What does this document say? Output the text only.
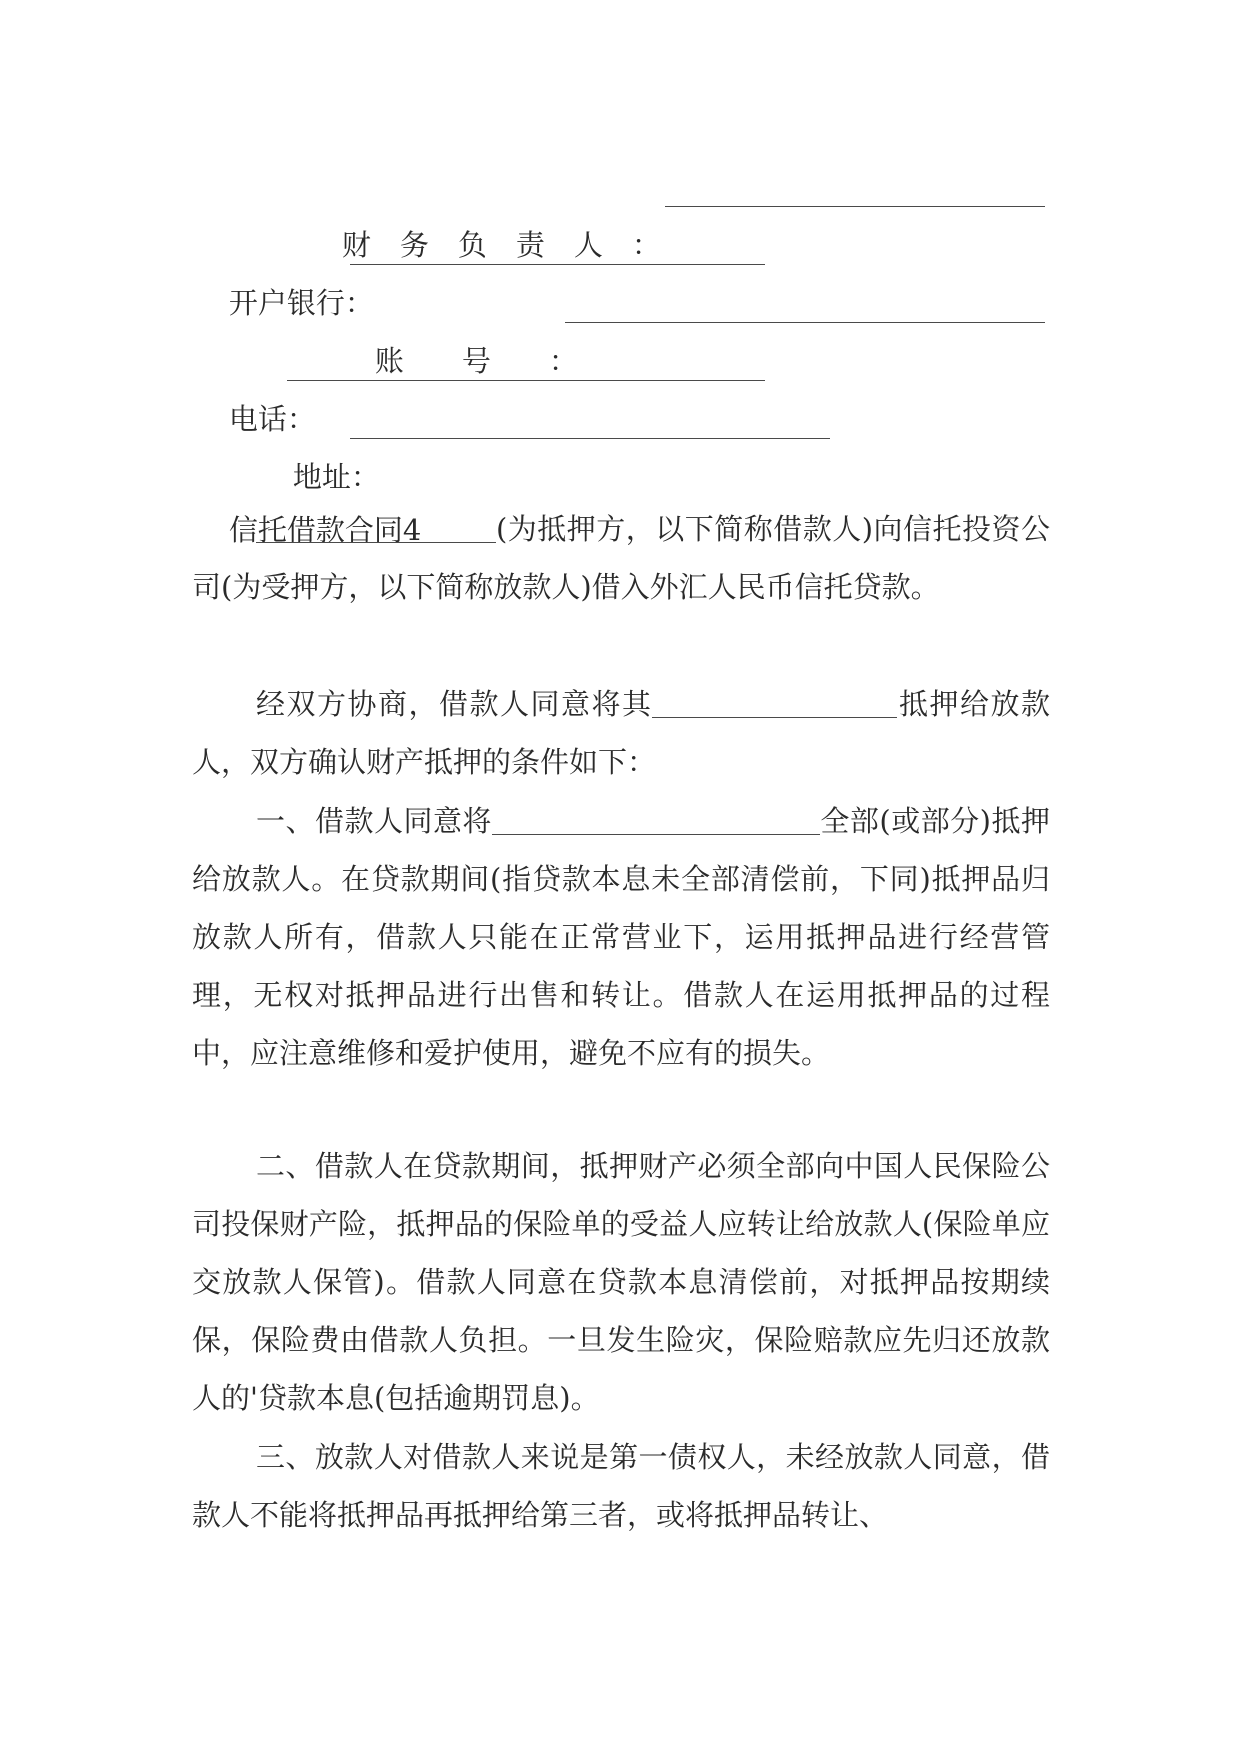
财　务　负　责　人　：

开户银行：

账　　号　　：

电话：

地址：

信托借款合同4
	(为抵押方，以下简称借款人)向信托投资公司(为受押方，以下简称放款人)借入外汇人民币信托贷款。
经双方协商，借款人同意将其	抵押给放款人，双方确认财产抵押的条件如下：
一、借款人同意将	全部(或部分)抵押给放款人。在贷款期间(指贷款本息未全部清偿前，下同)抵押品归放款人所有，借款人只能在正常营业下，运用抵押品进行经营管理，无权对抵押品进行出售和转让。借款人在运用抵押品的过程中，应注意维修和爱护使用，避免不应有的损失。
二、借款人在贷款期间，抵押财产必须全部向中国人民保险公司投保财产险，抵押品的保险单的受益人应转让给放款人(保险单应交放款人保管)。借款人同意在贷款本息清偿前，对抵押品按期续保，保险费由借款人负担。一旦发生险灾，保险赔款应先归还放款人的'贷款本息(包括逾期罚息)。
三、放款人对借款人来说是第一债权人，未经放款人同意，借款人不能将抵押品再抵押给第三者，或将抵押品转让、
